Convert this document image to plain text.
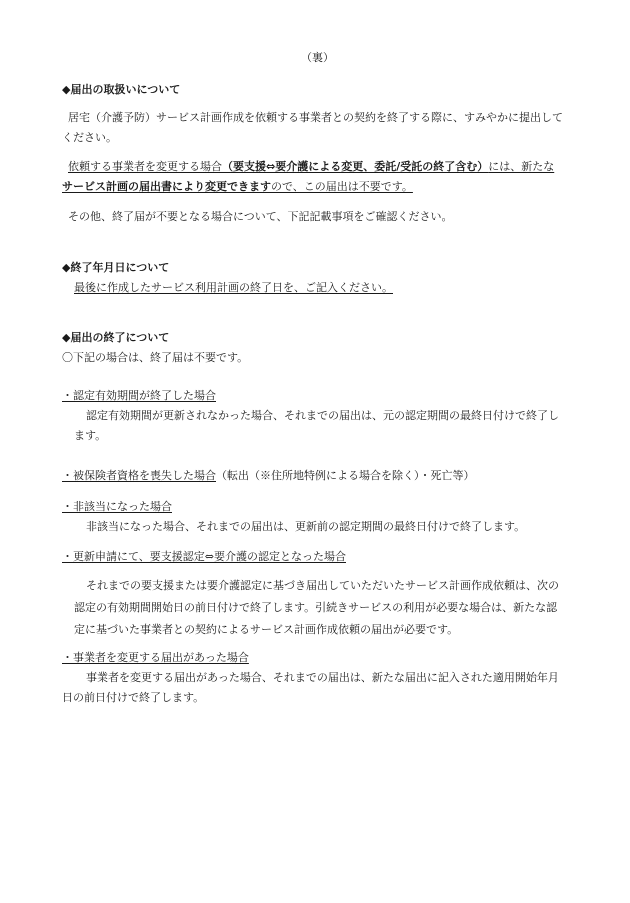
（裏）
◆届出の取扱いについて
居宅（介護予防）サービス計画作成を依頼する事業者との契約を終了する際に、すみやかに提出して
ください。
依頼する事業者を変更する場合（要支援⇔要介護による変更、委託/受託の終了含む）には、新たな
サービス計画の届出書により変更できますので、この届出は不要です。
その他、終了届が不要となる場合について、下記記載事項をご確認ください。
◆終了年月日について
最後に作成したサービス利用計画の終了日を、ご記入ください。
◆届出の終了について
〇下記の場合は、終了届は不要です。
・認定有効期間が終了した場合
認定有効期間が更新されなかった場合、それまでの届出は、元の認定期間の最終日付けで終了し
ます。
・被保険者資格を喪失した場合（転出（※住所地特例による場合を除く）・死亡等）
・非該当になった場合
非該当になった場合、それまでの届出は、更新前の認定期間の最終日付けで終了します。
・更新申請にて、要支援認定⇔要介護の認定となった場合
それまでの要支援または要介護認定に基づき届出していただいたサービス計画作成依頼は、次の
認定の有効期間開始日の前日付けで終了します。引続きサービスの利用が必要な場合は、新たな認
定に基づいた事業者との契約によるサービス計画作成依頼の届出が必要です。
・事業者を変更する届出があった場合
事業者を変更する届出があった場合、それまでの届出は、新たな届出に記入された適用開始年月
日の前日付けで終了します。
